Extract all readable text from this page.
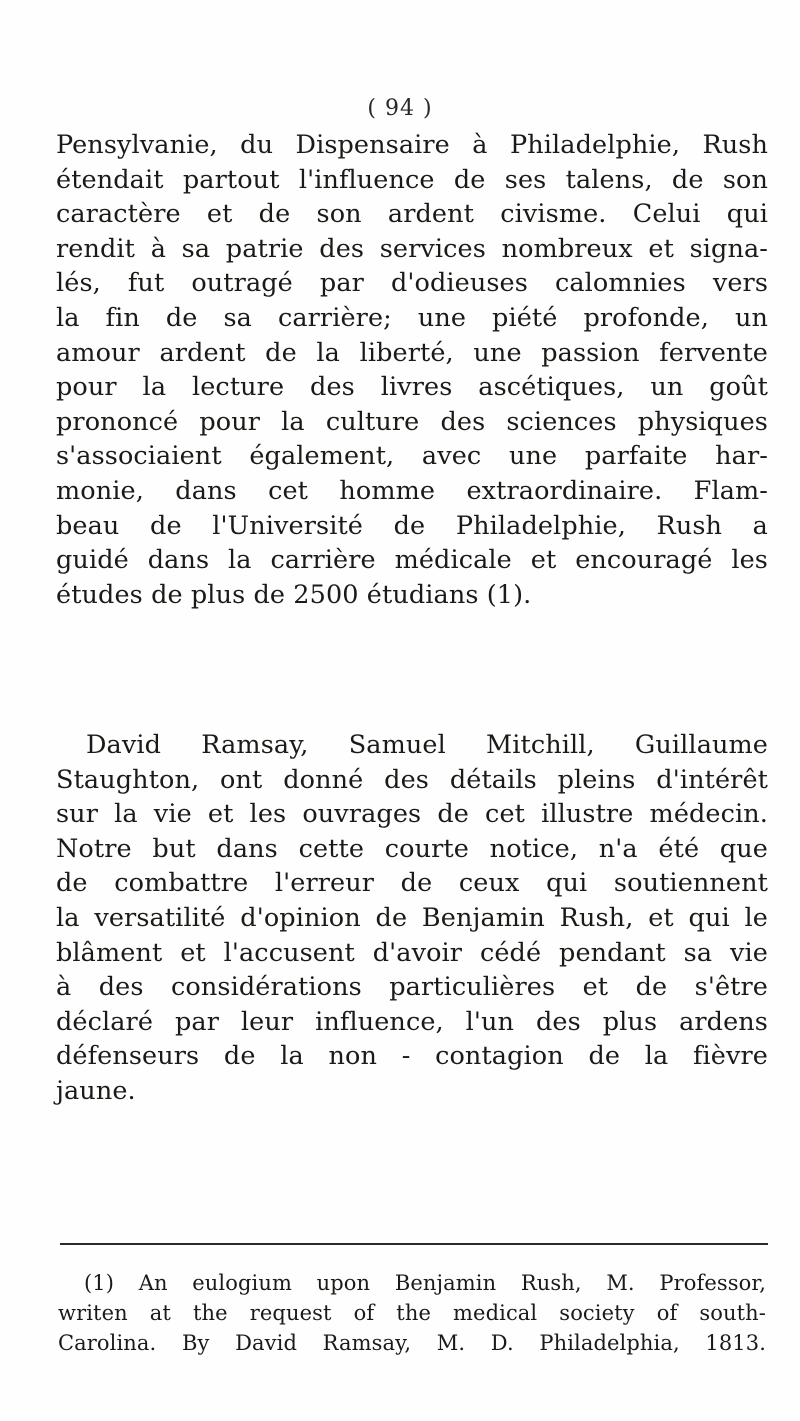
( 94 )
Pensylvanie, du Dispensaire à Philadelphie, Rush
étendait partout l'influence de ses talens, de son
caractère et de son ardent civisme. Celui qui
rendit à sa patrie des services nombreux et signa-
lés, fut outragé par d'odieuses calomnies vers
la fin de sa carrière; une piété profonde, un
amour ardent de la liberté, une passion fervente
pour la lecture des livres ascétiques, un goût
prononcé pour la culture des sciences physiques
s'associaient également, avec une parfaite har-
monie, dans cet homme extraordinaire. Flam-
beau de l'Université de Philadelphie, Rush a
guidé dans la carrière médicale et encouragé les
études de plus de 2500 étudians (1).
David Ramsay, Samuel Mitchill, Guillaume
Staughton, ont donné des détails pleins d'intérêt
sur la vie et les ouvrages de cet illustre médecin.
Notre but dans cette courte notice, n'a été que
de combattre l'erreur de ceux qui soutiennent
la versatilité d'opinion de Benjamin Rush, et qui le
blâment et l'accusent d'avoir cédé pendant sa vie
à des considérations particulières et de s'être
déclaré par leur influence, l'un des plus ardens
défenseurs de la non - contagion de la fièvre
jaune.
(1) An eulogium upon Benjamin Rush, M. Professor,
writen at the request of the medical society of south-
Carolina. By David Ramsay, M. D. Philadelphia, 1813.
